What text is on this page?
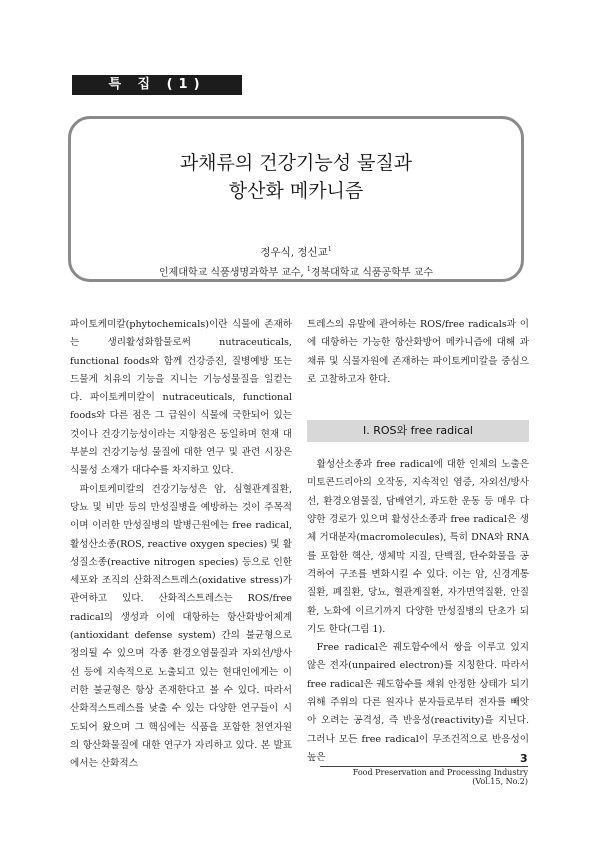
특 집 (1)
과채류의 건강기능성 물질과
항산화 메카니즘
정우식, 정신교$^1$
인제대학교 식품생명과학부 교수, $^1$경북대학교 식품공학부 교수

파이토케미칼(phytochemicals)이란 식물에 존재하는 생리활성화합물로써 nutraceuticals, functional foods와 함께 건강증진, 질병예방 또는 드물게 치유의 기능을 지니는 기능성물질을 일컫는다. 파이토케미칼이 nutraceuticals, functional foods와 다른 점은 그 급원이 식물에 국한되어 있는 것이나 건강기능성이라는 지향점은 동일하며 현재 대부분의 건강기능성 물질에 대한 연구 및 관련 시장은 식물성 소재가 대다수를 차지하고 있다.

파이토케미칼의 건강기능성은 암, 심혈관계질환, 당뇨 및 비만 등의 만성질병을 예방하는 것이 주목적이며 이러한 만성질병의 발병근원에는 free radical, 활성산소종(ROS, reactive oxygen species) 및 활성질소종(reactive nitrogen species) 등으로 인한 세포와 조직의 산화적스트레스(oxidative stress)가 관여하고 있다. 산화적스트레스는 ROS/free radical의 생성과 이에 대항하는 항산화방어체계(antioxidant defense system) 간의 불균형으로 정의될 수 있으며 각종 환경오염물질과 자외선/방사선 등에 지속적으로 노출되고 있는 현대인에게는 이러한 불균형은 항상 존재한다고 볼 수 있다. 따라서 산화적스트레스를 낮출 수 있는 다양한 연구들이 시도되어 왔으며 그 핵심에는 식품을 포함한 천연자원의 항산화물질에 대한 연구가 자리하고 있다. 본 발표에서는 산화적스

트레스의 유발에 관여하는 ROS/free radicals과 이에 대항하는 가능한 항산화방어 메카니즘에 대해 과채류 및 식물자원에 존재하는 파이토케미칼을 중심으로 고찰하고자 한다.

Ⅰ. ROS와 free radical

활성산소종과 free radical에 대한 인체의 노출은 미토콘드리아의 오작동, 지속적인 염증, 자외선/방사선, 환경오염물질, 담배연기, 과도한 운동 등 매우 다양한 경로가 있으며 활성산소종과 free radical은 생체 거대분자(macromolecules), 특히 DNA와 RNA를 포함한 핵산, 생체막 지질, 단백질, 탄수화물을 공격하여 구조를 변화시킬 수 있다. 이는 암, 신경계통질환, 폐질환, 당뇨, 혈관계질환, 자가면역질환, 안질환, 노화에 이르기까지 다양한 만성질병의 단초가 되기도 한다(그림 1).

Free radical은 궤도함수에서 쌍을 이루고 있지 않은 전자(unpaired electron)를 지칭한다. 따라서 free radical은 궤도함수를 채워 안정한 상태가 되기 위해 주위의 다른 원자나 분자들로부터 전자를 빼앗아 오려는 공격성, 즉 반응성(reactivity)을 지닌다. 그러나 모든 free radical이 무조건적으로 반응성이 높은	3
Food Preservation and Processing Industry (Vol.15, No.2)
